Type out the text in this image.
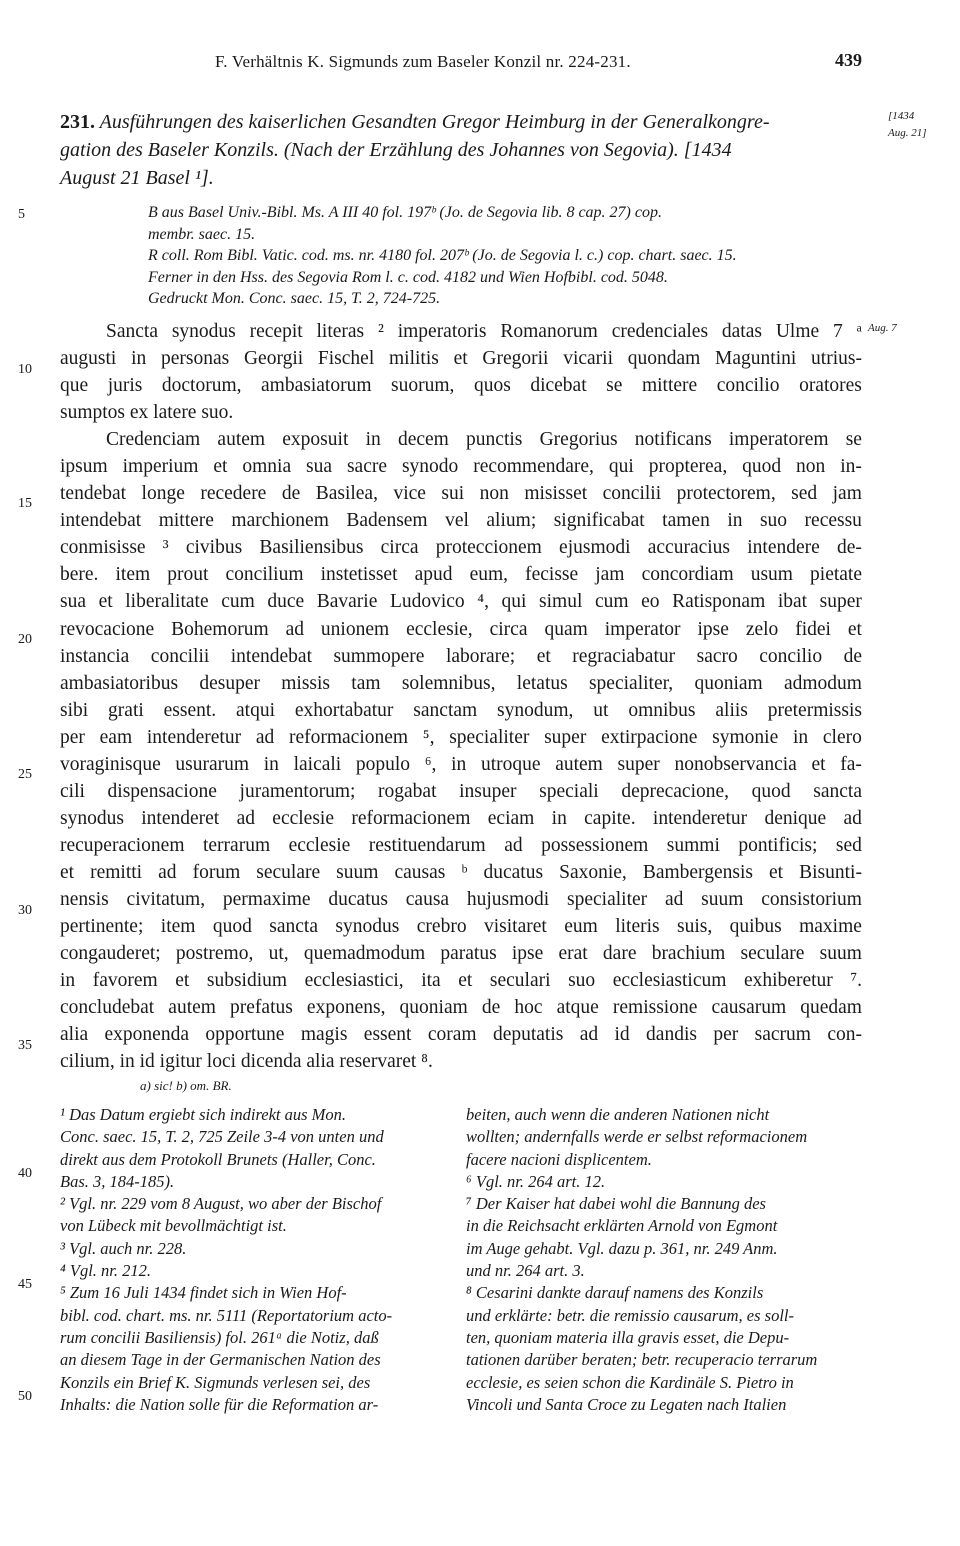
F. Verhältnis K. Sigmunds zum Baseler Konzil nr. 224-231.	439
231. Ausführungen des kaiserlichen Gesandten Gregor Heimburg in der Generalkongre-
gation des Baseler Konzils. (Nach der Erzählung des Johannes von Segovia). [1434
August 21 Basel ¹].
[1434
Aug. 21]
B aus Basel Univ.-Bibl. Ms. A III 40 fol. 197ᵇ (Jo. de Segovia lib. 8 cap. 27) cop.
membr. saec. 15.
R coll. Rom Bibl. Vatic. cod. ms. nr. 4180 fol. 207ᵇ (Jo. de Segovia l. c.) cop. chart. saec. 15.
Ferner in den Hss. des Segovia Rom l. c. cod. 4182 und Wien Hofbibl. cod. 5048.
Gedruckt Mon. Conc. saec. 15, T. 2, 724-725.
Sancta synodus recepit literas ² imperatoris Romanorum credenciales datas Ulme 7 ᵃ
augusti in personas Georgii Fischel militis et Gregorii vicarii quondam Maguntini utrius-
que juris doctorum, ambasiatorum suorum, quos dicebat se mittere concilio oratores
sumptos ex latere suo.
Credenciam autem exposuit in decem punctis Gregorius notificans imperatorem se
ipsum imperium et omnia sua sacre synodo recommendare, qui propterea, quod non in-
tendebat longe recedere de Basilea, vice sui non misisset concilii protectorem, sed jam
intendebat mittere marchionem Badensem vel alium; significabat tamen in suo recessu
conmisisse ³ civibus Basiliensibus circa proteccionem ejusmodi accuracius intendere de-
bere. item prout concilium instetisset apud eum, fecisse jam concordiam usum pietate
sua et liberalitate cum duce Bavarie Ludovico ⁴, qui simul cum eo Ratisponam ibat super
revocacione Bohemorum ad unionem ecclesie, circa quam imperator ipse zelo fidei et
instancia concilii intendebat summopere laborare; et regraciabatur sacro concilio de
ambasiatoribus desuper missis tam solemnibus, letatus specialiter, quoniam admodum
sibi grati essent. atqui exhortabatur sanctam synodum, ut omnibus aliis pretermissis
per eam intenderetur ad reformacionem ⁵, specialiter super extirpacione symonie in clero
voraginisque usurarum in laicali populo ⁶, in utroque autem super nonobservancia et fa-
cili dispensacione juramentorum; rogabat insuper speciali deprecacione, quod sancta
synodus intenderet ad ecclesie reformacionem eciam in capite. intenderetur denique ad
recuperacionem terrarum ecclesie restituendarum ad possessionem summi pontificis; sed
et remitti ad forum seculare suum causas ᵇ ducatus Saxonie, Bambergensis et Bisunti-
nensis civitatum, permaxime ducatus causa hujusmodi specialiter ad suum consistorium
pertinente; item quod sancta synodus crebro visitaret eum literis suis, quibus maxime
congauderet; postremo, ut, quemadmodum paratus ipse erat dare brachium seculare suum
in favorem et subsidium ecclesiastici, ita et seculari suo ecclesiasticum exhiberetur ⁷.
concludebat autem prefatus exponens, quoniam de hoc atque remissione causarum quedam
alia exponenda opportune magis essent coram deputatis ad id dandis per sacrum con-
cilium, in id igitur loci dicenda alia reservaret ⁸.
Aug. 7
5
10
15
20
25
30
35
40
45
50
a) sic! b) om. BR.
¹ Das Datum ergiebt sich indirekt aus Mon.
Conc. saec. 15, T. 2, 725 Zeile 3-4 von unten und
direkt aus dem Protokoll Brunets (Haller, Conc.
Bas. 3, 184-185).
² Vgl. nr. 229 vom 8 August, wo aber der Bischof
von Lübeck mit bevollmächtigt ist.
³ Vgl. auch nr. 228.
⁴ Vgl. nr. 212.
⁵ Zum 16 Juli 1434 findet sich in Wien Hof-
bibl. cod. chart. ms. nr. 5111 (Reportatorium acto-
rum concilii Basiliensis) fol. 261ᵃ die Notiz, daß
an diesem Tage in der Germanischen Nation des
Konzils ein Brief K. Sigmunds verlesen sei, des
Inhalts: die Nation solle für die Reformation ar-
beiten, auch wenn die anderen Nationen nicht
wollten; andernfalls werde er selbst reformacionem
facere nacioni displicentem.
⁶ Vgl. nr. 264 art. 12.
⁷ Der Kaiser hat dabei wohl die Bannung des
in die Reichsacht erklärten Arnold von Egmont
im Auge gehabt. Vgl. dazu p. 361, nr. 249 Anm.
und nr. 264 art. 3.
⁸ Cesarini dankte darauf namens des Konzils
und erklärte: betr. die remissio causarum, es soll-
ten, quoniam materia illa gravis esset, die Depu-
tationen darüber beraten; betr. recuperacio terrarum
ecclesie, es seien schon die Kardinäle S. Pietro in
Vincoli und Santa Croce zu Legaten nach Italien
